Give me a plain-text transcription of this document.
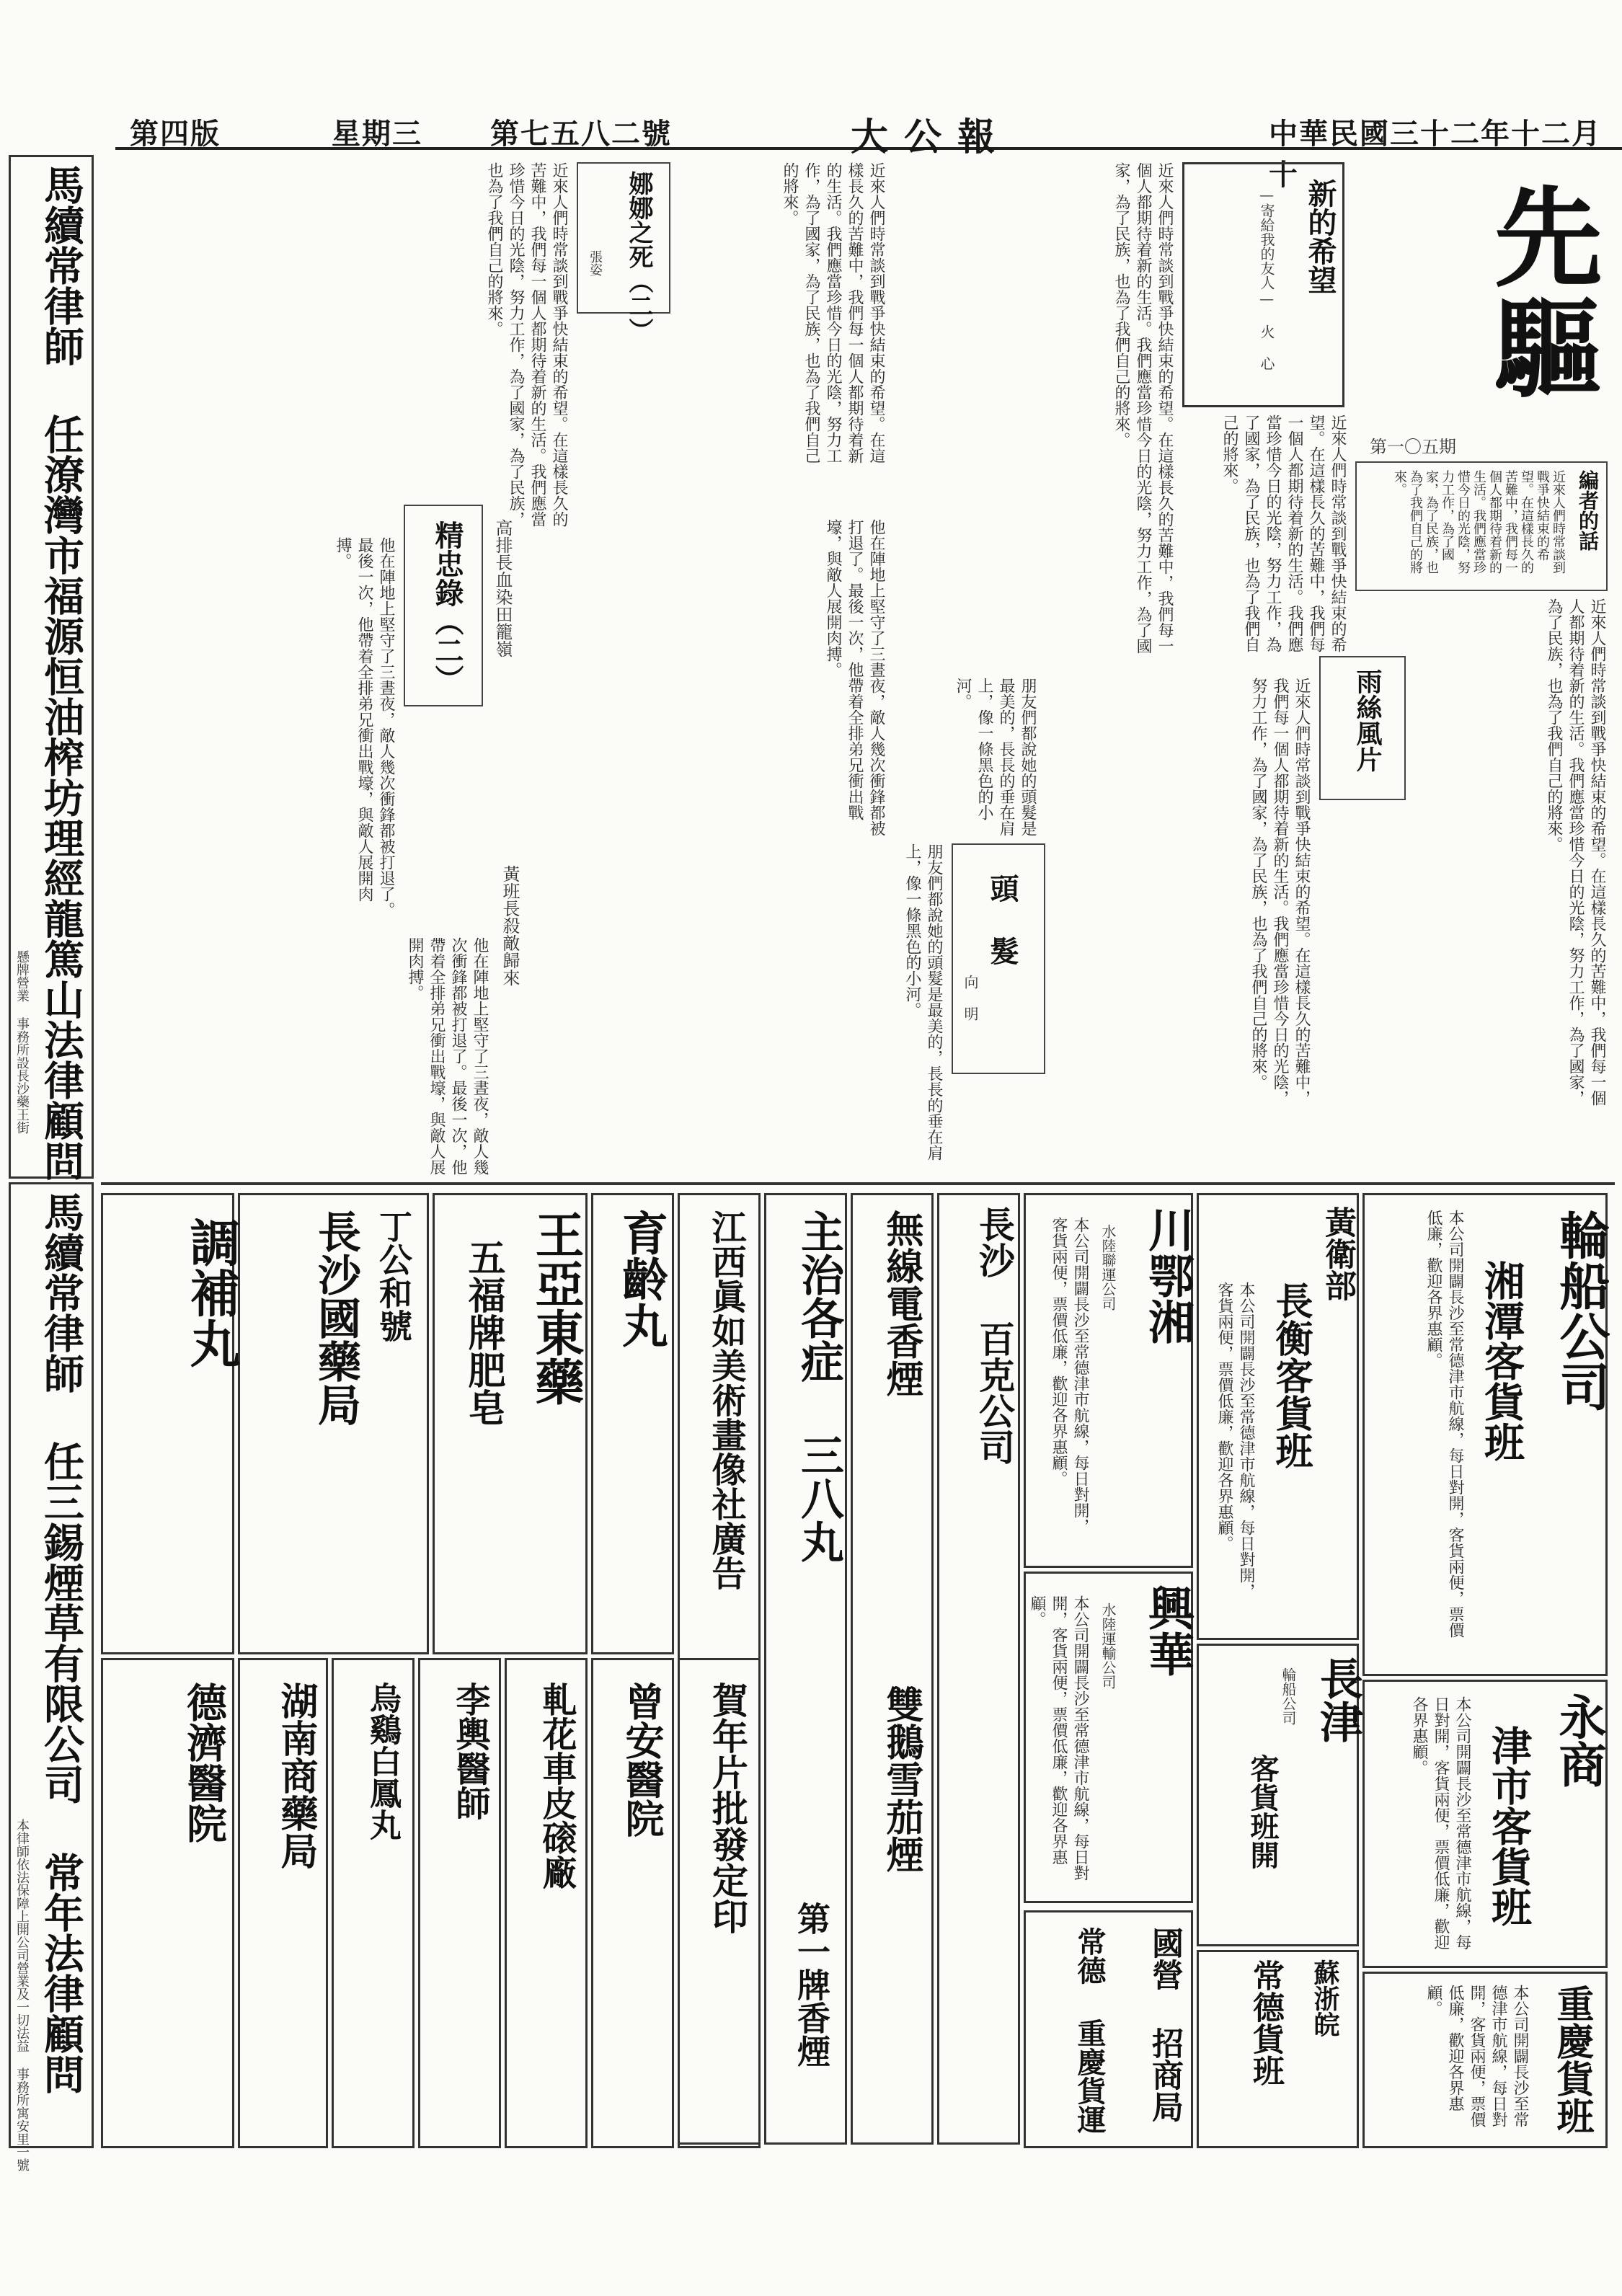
中華民國三十二年十二月十
大 公 報
第七五八二號
星期三
第四版
馬續常律師 任潦灣市福源恒油榨坊理經龍篤山法律顧問
懸牌營業 事務所設長沙藥王街
馬續常律師 任三錫煙草有限公司 常年法律顧問
本律師依法保障上開公司營業及一切法益 事務所寓安里一號
先驅
第一〇五期
編者的話
近來人們時常談到戰爭快結束的希望。在這樣長久的苦難中，我們每一個人都期待着新的生活。我們應當珍惜今日的光陰，努力工作，為了國家，為了民族，也為了我們自己的將來。
新的希望
—寄給我的友人— 火 心
近來人們時常談到戰爭快結束的希望。在這樣長久的苦難中，我們每一個人都期待着新的生活。我們應當珍惜今日的光陰，努力工作，為了國家，為了民族，也為了我們自己的將來。
近來人們時常談到戰爭快結束的希望。在這樣長久的苦難中，我們每一個人都期待着新的生活。我們應當珍惜今日的光陰，努力工作，為了國家，為了民族，也為了我們自己的將來。
近來人們時常談到戰爭快結束的希望。在這樣長久的苦難中，我們每一個人都期待着新的生活。我們應當珍惜今日的光陰，努力工作，為了國家，為了民族，也為了我們自己的將來。	娜娜之死（二）
張姿	近來人們時常談到戰爭快結束的希望。在這樣長久的苦難中，我們每一個人都期待着新的生活。我們應當珍惜今日的光陰，努力工作，為了國家，為了民族，也為了我們自己的將來。
他在陣地上堅守了三晝夜，敵人幾次衝鋒都被打退了。最後一次，他帶着全排弟兄衝出戰壕，與敵人展開肉搏。	精忠錄（二） 高排長血染田籠嶺	他在陣地上堅守了三晝夜，敵人幾次衝鋒都被打退了。最後一次，他帶着全排弟兄衝出戰壕，與敵人展開肉搏。
雨絲風片	近來人們時常談到戰爭快結束的希望。在這樣長久的苦難中，我們每一個人都期待着新的生活。我們應當珍惜今日的光陰，努力工作，為了國家，為了民族，也為了我們自己的將來。
近來人們時常談到戰爭快結束的希望。在這樣長久的苦難中，我們每一個人都期待着新的生活。我們應當珍惜今日的光陰，努力工作，為了國家，為了民族，也為了我們自己的將來。
頭 髮
向 明
朋友們都說她的頭髮是最美的，長長的垂在肩上，像一條黑色的小河。
朋友們都說她的頭髮是最美的，長長的垂在肩上，像一條黑色的小河。
黃班長殺敵歸來
他在陣地上堅守了三晝夜，敵人幾次衝鋒都被打退了。最後一次，他帶着全排弟兄衝出戰壕，與敵人展開肉搏。
輪船公司
湘潭客貨班
本公司開闢長沙至常德津市航線，每日對開，客貨兩便，票價低廉，歡迎各界惠顧。
黃衛部
長衡客貨班
本公司開闢長沙至常德津市航線，每日對開，客貨兩便，票價低廉，歡迎各界惠顧。
川鄂湘
水陸聯運公司
本公司開闢長沙至常德津市航線，每日對開，客貨兩便，票價低廉，歡迎各界惠顧。
興華
水陸運輸公司
本公司開闢長沙至常德津市航線，每日對開，客貨兩便，票價低廉，歡迎各界惠顧。
長津
輪船公司
客貨班開
永商
津市客貨班
本公司開闢長沙至常德津市航線，每日對開，客貨兩便，票價低廉，歡迎各界惠顧。
長沙 百克公司
無線電香煙
雙鵝雪茄煙
主治各症 三八丸
第一牌香煙
江西眞如美術畫像社廣告
育齡丸
王亞東藥
五福牌肥皂
丁公和號
長沙國藥局
調補丸
德濟醫院 湖南商藥局 烏鷄白鳳丸 李輿醫師 軋花車皮磙廠 曾安醫院 賀年片批發定印
國營 招商局
常德 重慶貨運	蘇浙皖
常德貨班	重慶貨班
本公司開闢長沙至常德津市航線，每日對開，客貨兩便，票價低廉，歡迎各界惠顧。
